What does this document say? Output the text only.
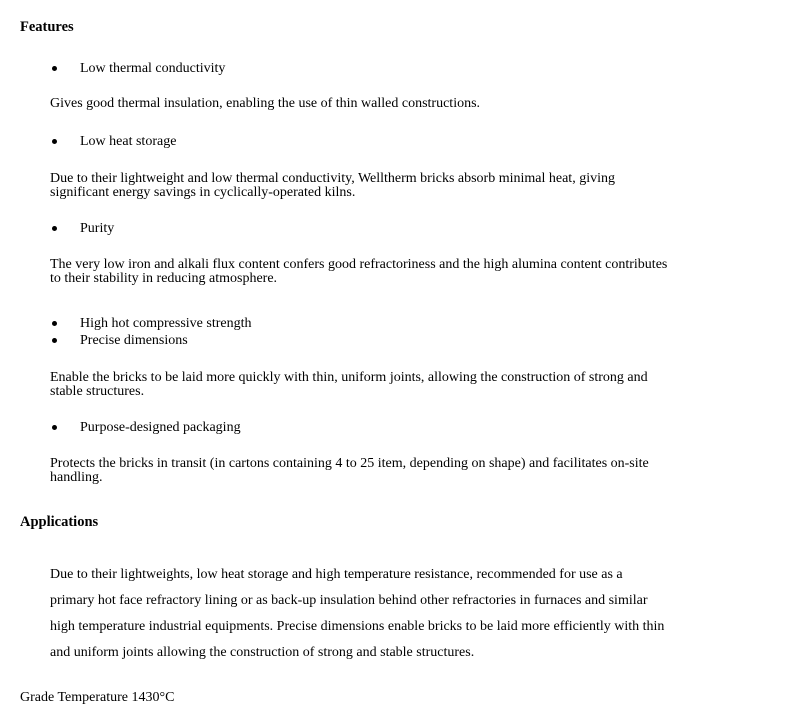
Features
Low thermal conductivity
Gives good thermal insulation, enabling the use of thin walled constructions.
Low heat storage
Due to their lightweight and low thermal conductivity, Welltherm bricks absorb minimal heat, giving
significant energy savings in cyclically-operated kilns.
Purity
The very low iron and alkali flux content confers good refractoriness and the high alumina content contributes
to their stability in reducing atmosphere.
High hot compressive strength
Precise dimensions
Enable the bricks to be laid more quickly with thin, uniform joints, allowing the construction of strong and
stable structures.
Purpose-designed packaging
Protects the bricks in transit (in cartons containing 4 to 25 item, depending on shape) and facilitates on-site
handling.
Applications
Due to their lightweights, low heat storage and high temperature resistance, recommended for use as a
primary hot face refractory lining or as back-up insulation behind other refractories in furnaces and similar
high temperature industrial equipments. Precise dimensions enable bricks to be laid more efficiently with thin
and uniform joints allowing the construction of strong and stable structures.
Grade Temperature 1430°C
